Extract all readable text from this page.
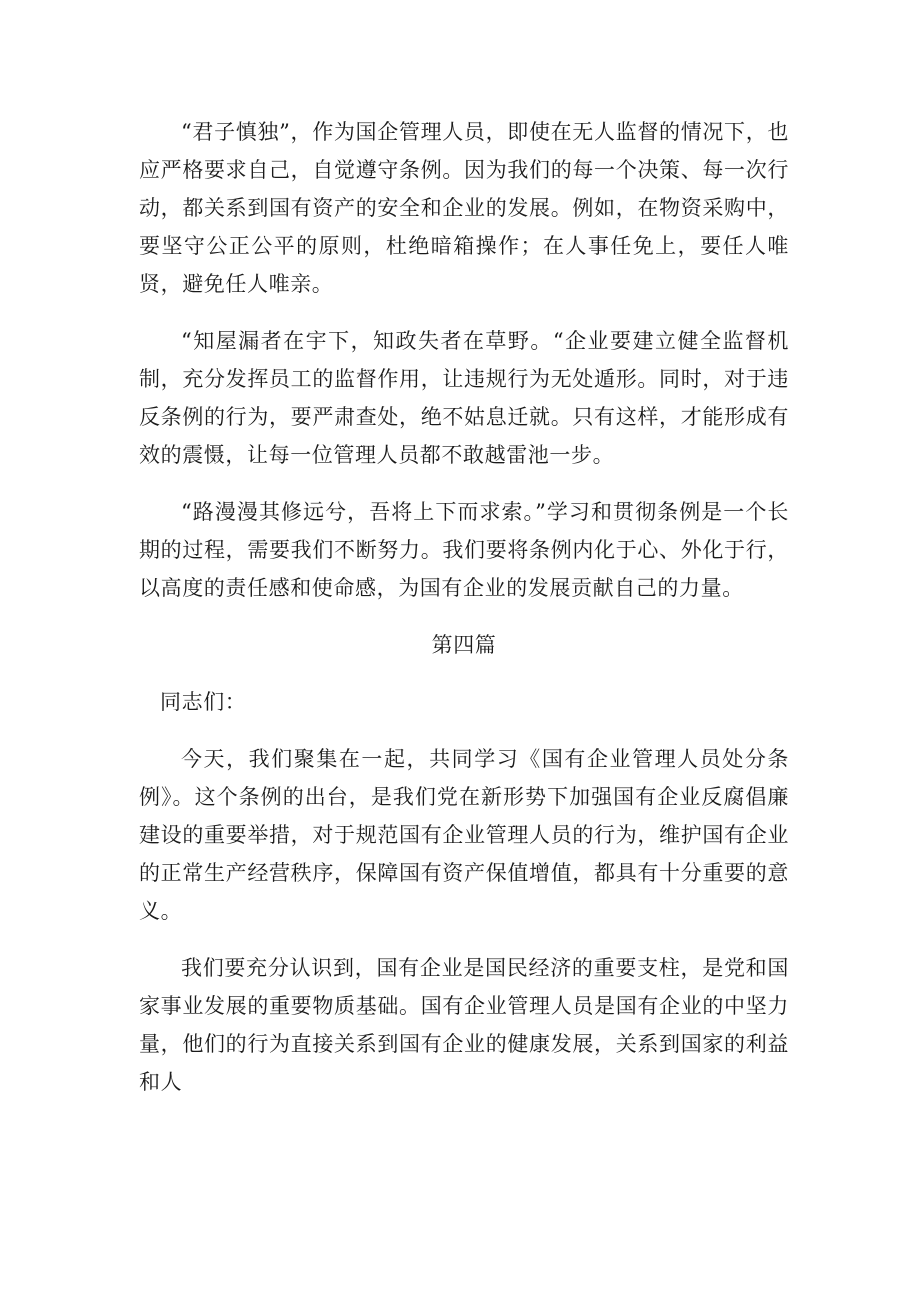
“君子慎独”，作为国企管理人员，即使在无人监督的情况下，也应严格要求自己，自觉遵守条例。因为我们的每一个决策、每一次行动，都关系到国有资产的安全和企业的发展。例如，在物资采购中，要坚守公正公平的原则，杜绝暗箱操作；在人事任免上，要任人唯贤，避免任人唯亲。

“知屋漏者在宇下，知政失者在草野。“企业要建立健全监督机制，充分发挥员工的监督作用，让违规行为无处遁形。同时，对于违反条例的行为，要严肃查处，绝不姑息迁就。只有这样，才能形成有效的震慑，让每一位管理人员都不敢越雷池一步。

“路漫漫其修远兮，吾将上下而求索。”学习和贯彻条例是一个长期的过程，需要我们不断努力。我们要将条例内化于心、外化于行，以高度的责任感和使命感，为国有企业的发展贡献自己的力量。

第四篇

同志们：

今天，我们聚集在一起，共同学习《国有企业管理人员处分条例》。这个条例的出台，是我们党在新形势下加强国有企业反腐倡廉建设的重要举措，对于规范国有企业管理人员的行为，维护国有企业的正常生产经营秩序，保障国有资产保值增值，都具有十分重要的意义。

我们要充分认识到，国有企业是国民经济的重要支柱，是党和国家事业发展的重要物质基础。国有企业管理人员是国有企业的中坚力量，他们的行为直接关系到国有企业的健康发展，关系到国家的利益和人
